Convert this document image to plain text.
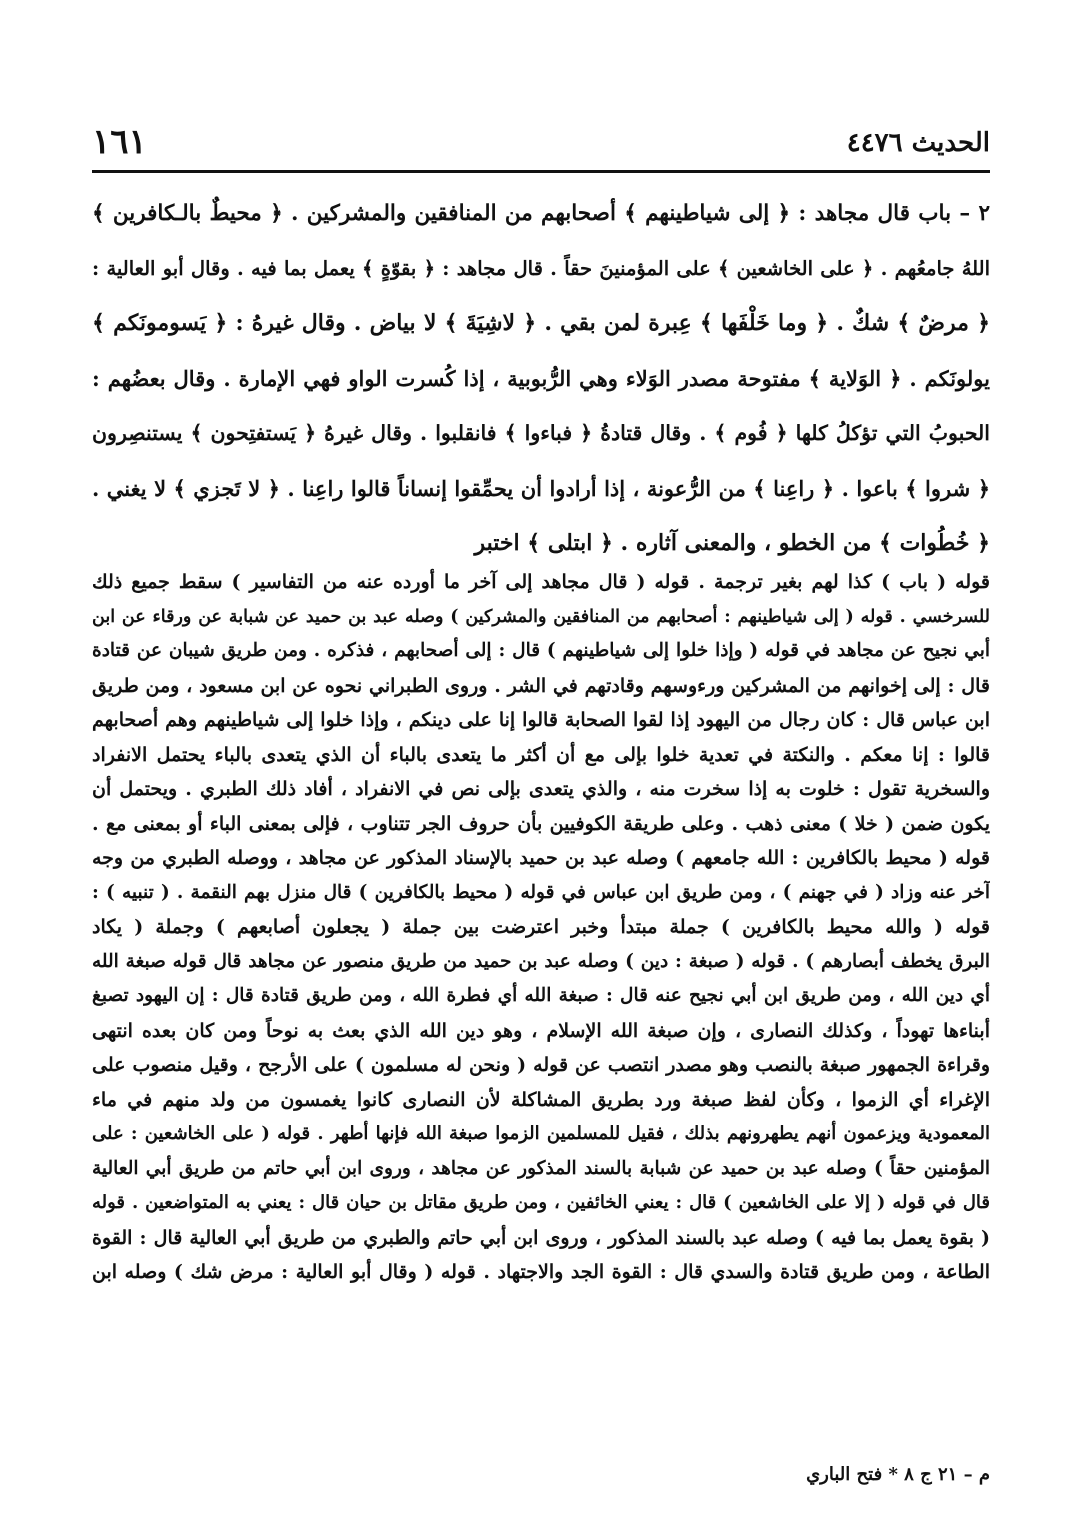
الحديث ٤٤٧٦
١٦١
٢ – باب قال مجاهد : ﴿ إلى شياطينهم ﴾ أصحابهم من المنافقين والمشركين . ﴿ محيطٌ بالـكافرين ﴾
اللهُ جامعُهم . ﴿ على الخاشعين ﴾ على المؤمنينَ حقاً . قال مجاهد : ﴿ بقوّةٍ ﴾ يعمل بما فيه . وقال أبو العالية :
﴿ مرضٌ ﴾ شكٌ . ﴿ وما خَلْفَها ﴾ عِبرة لمن بقي . ﴿ لاشِيَةَ ﴾ لا بياض . وقال غيرهُ : ﴿ يَسومونَكم ﴾
يولونَكم . ﴿ الوَلاية ﴾ مفتوحة مصدر الوَلاء وهي الرُّبوبية ، إذا كُسرت الواو فهي الإمارة . وقال بعضُهم :
الحبوبُ التي تؤكلُ كلها ﴿ فُوم ﴾ . وقال قتادةُ ﴿ فباءوا ﴾ فانقلبوا . وقال غيرهُ ﴿ يَستفتِحون ﴾ يستنصِرون
﴿ شروا ﴾ باعوا . ﴿ راعِنا ﴾ من الرُّعونة ، إذا أرادوا أن يحمِّقوا إنساناً قالوا راعِنا . ﴿ لا تَجزي ﴾ لا يغني .
﴿ خُطُوات ﴾ من الخطو ، والمعنى آثاره . ﴿ ابتلى ﴾ اختبر
قوله ( باب ) كذا لهم بغير ترجمة . قوله ( قال مجاهد إلى آخر ما أورده عنه من التفاسير ) سقط جميع ذلك
للسرخسي . قوله ( إلى شياطينهم : أصحابهم من المنافقين والمشركين ) وصله عبد بن حميد عن شبابة عن ورقاء عن ابن
أبي نجيح عن مجاهد في قوله ( وإذا خلوا إلى شياطينهم ) قال : إلى أصحابهم ، فذكره . ومن طريق شيبان عن قتادة
قال : إلى إخوانهم من المشركين ورءوسهم وقادتهم في الشر . وروى الطبراني نحوه عن ابن مسعود ، ومن طريق
ابن عباس قال : كان رجال من اليهود إذا لقوا الصحابة قالوا إنا على دينكم ، وإذا خلوا إلى شياطينهم وهم أصحابهم
قالوا : إنا معكم . والنكتة في تعدية خلوا بإلى مع أن أكثر ما يتعدى بالباء أن الذي يتعدى بالباء يحتمل الانفراد
والسخرية تقول : خلوت به إذا سخرت منه ، والذي يتعدى بإلى نص في الانفراد ، أفاد ذلك الطبري . ويحتمل أن
يكون ضمن ( خلا ) معنى ذهب . وعلى طريقة الكوفيين بأن حروف الجر تتناوب ، فإلى بمعنى الباء أو بمعنى مع .
قوله ( محيط بالكافرين : الله جامعهم ) وصله عبد بن حميد بالإسناد المذكور عن مجاهد ، ووصله الطبري من وجه
آخر عنه وزاد ( في جهنم ) ، ومن طريق ابن عباس في قوله ( محيط بالكافرين ) قال منزل بهم النقمة . ( تنبيه ) :
قوله ( والله محيط بالكافرين ) جملة مبتدأ وخبر اعترضت بين جملة ( يجعلون أصابعهم ) وجملة ( يكاد
البرق يخطف أبصارهم ) . قوله ( صبغة : دين ) وصله عبد بن حميد من طريق منصور عن مجاهد قال قوله صبغة الله
أي دين الله ، ومن طريق ابن أبي نجيح عنه قال : صبغة الله أي فطرة الله ، ومن طريق قتادة قال : إن اليهود تصبغ
أبناءها تهوداً ، وكذلك النصارى ، وإن صبغة الله الإسلام ، وهو دين الله الذي بعث به نوحاً ومن كان بعده انتهى
وقراءة الجمهور صبغة بالنصب وهو مصدر انتصب عن قوله ( ونحن له مسلمون ) على الأرجح ، وقيل منصوب على
الإغراء أي الزموا ، وكأن لفظ صبغة ورد بطريق المشاكلة لأن النصارى كانوا يغمسون من ولد منهم في ماء
المعمودية ويزعمون أنهم يطهرونهم بذلك ، فقيل للمسلمين الزموا صبغة الله فإنها أطهر . قوله ( على الخاشعين : على
المؤمنين حقاً ) وصله عبد بن حميد عن شبابة بالسند المذكور عن مجاهد ، وروى ابن أبي حاتم من طريق أبي العالية
قال في قوله ( إلا على الخاشعين ) قال : يعني الخائفين ، ومن طريق مقاتل بن حيان قال : يعني به المتواضعين . قوله
( بقوة يعمل بما فيه ) وصله عبد بالسند المذكور ، وروى ابن أبي حاتم والطبري من طريق أبي العالية قال : القوة
الطاعة ، ومن طريق قتادة والسدي قال : القوة الجد والاجتهاد . قوله ( وقال أبو العالية : مرض شك ) وصله ابن
م – ٢١ ج ٨ * فتح الباري
